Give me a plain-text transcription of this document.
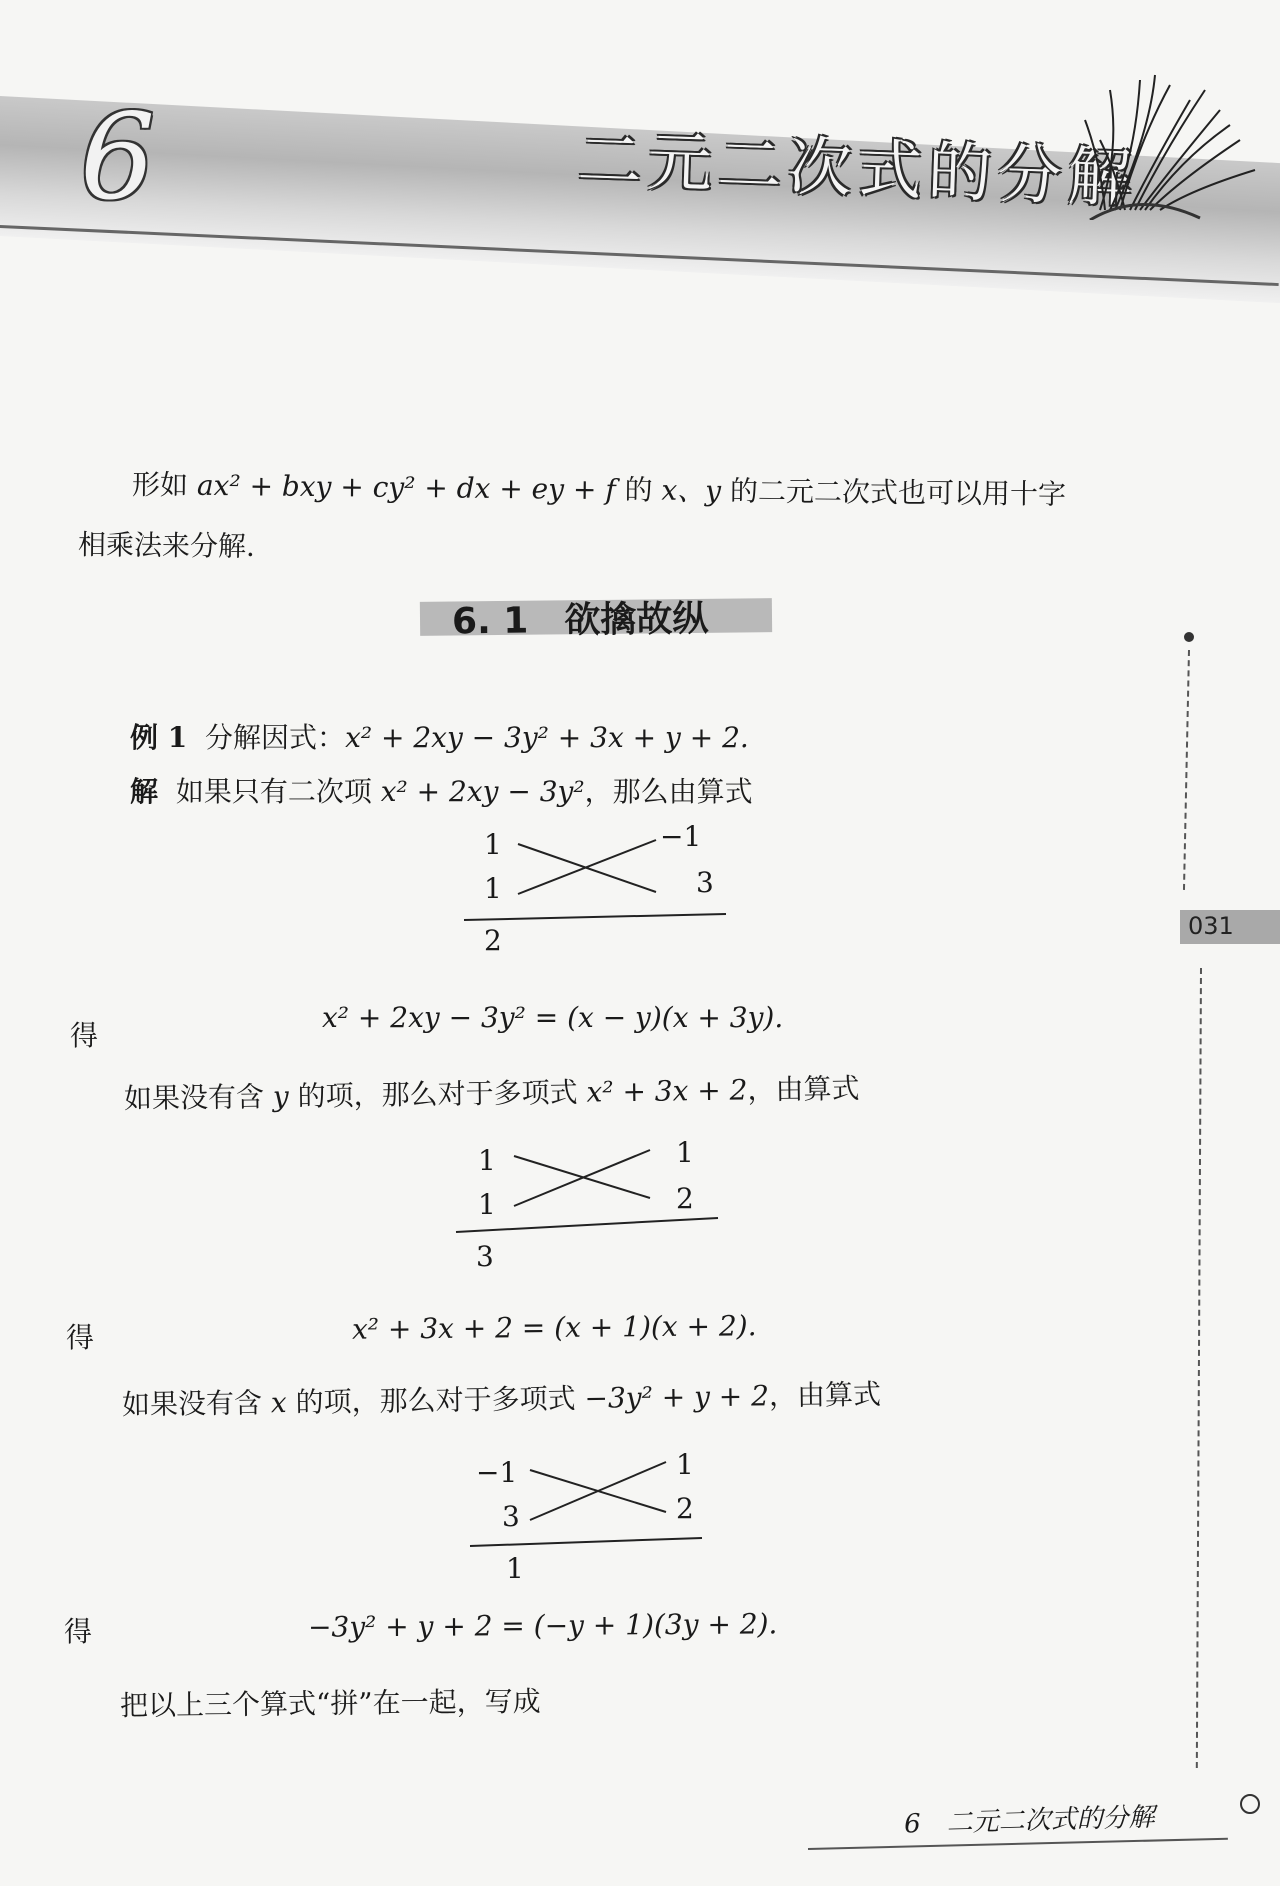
6	二元二次式的分解
形如 ax² + bxy + cy² + dx + ey + f 的 x、y 的二元二次式也可以用十字
相乘法来分解.
6. 1　欲擒故纵
031
例 1 分解因式：x² + 2xy − 3y² + 3x + y + 2.
解 如果只有二次项 x² + 2xy − 3y²，那么由算式
1	−1
1	3
2
得
x² + 2xy − 3y² = (x − y)(x + 3y).
如果没有含 y 的项，那么对于多项式 x² + 3x + 2，由算式
1	1
1	2
3
得	x² + 3x + 2 = (x + 1)(x + 2).
如果没有含 x 的项，那么对于多项式 −3y² + y + 2，由算式
−1	1
3	2
1
得	−3y² + y + 2 = (−y + 1)(3y + 2).
把以上三个算式“拼”在一起，写成
6　二元二次式的分解
